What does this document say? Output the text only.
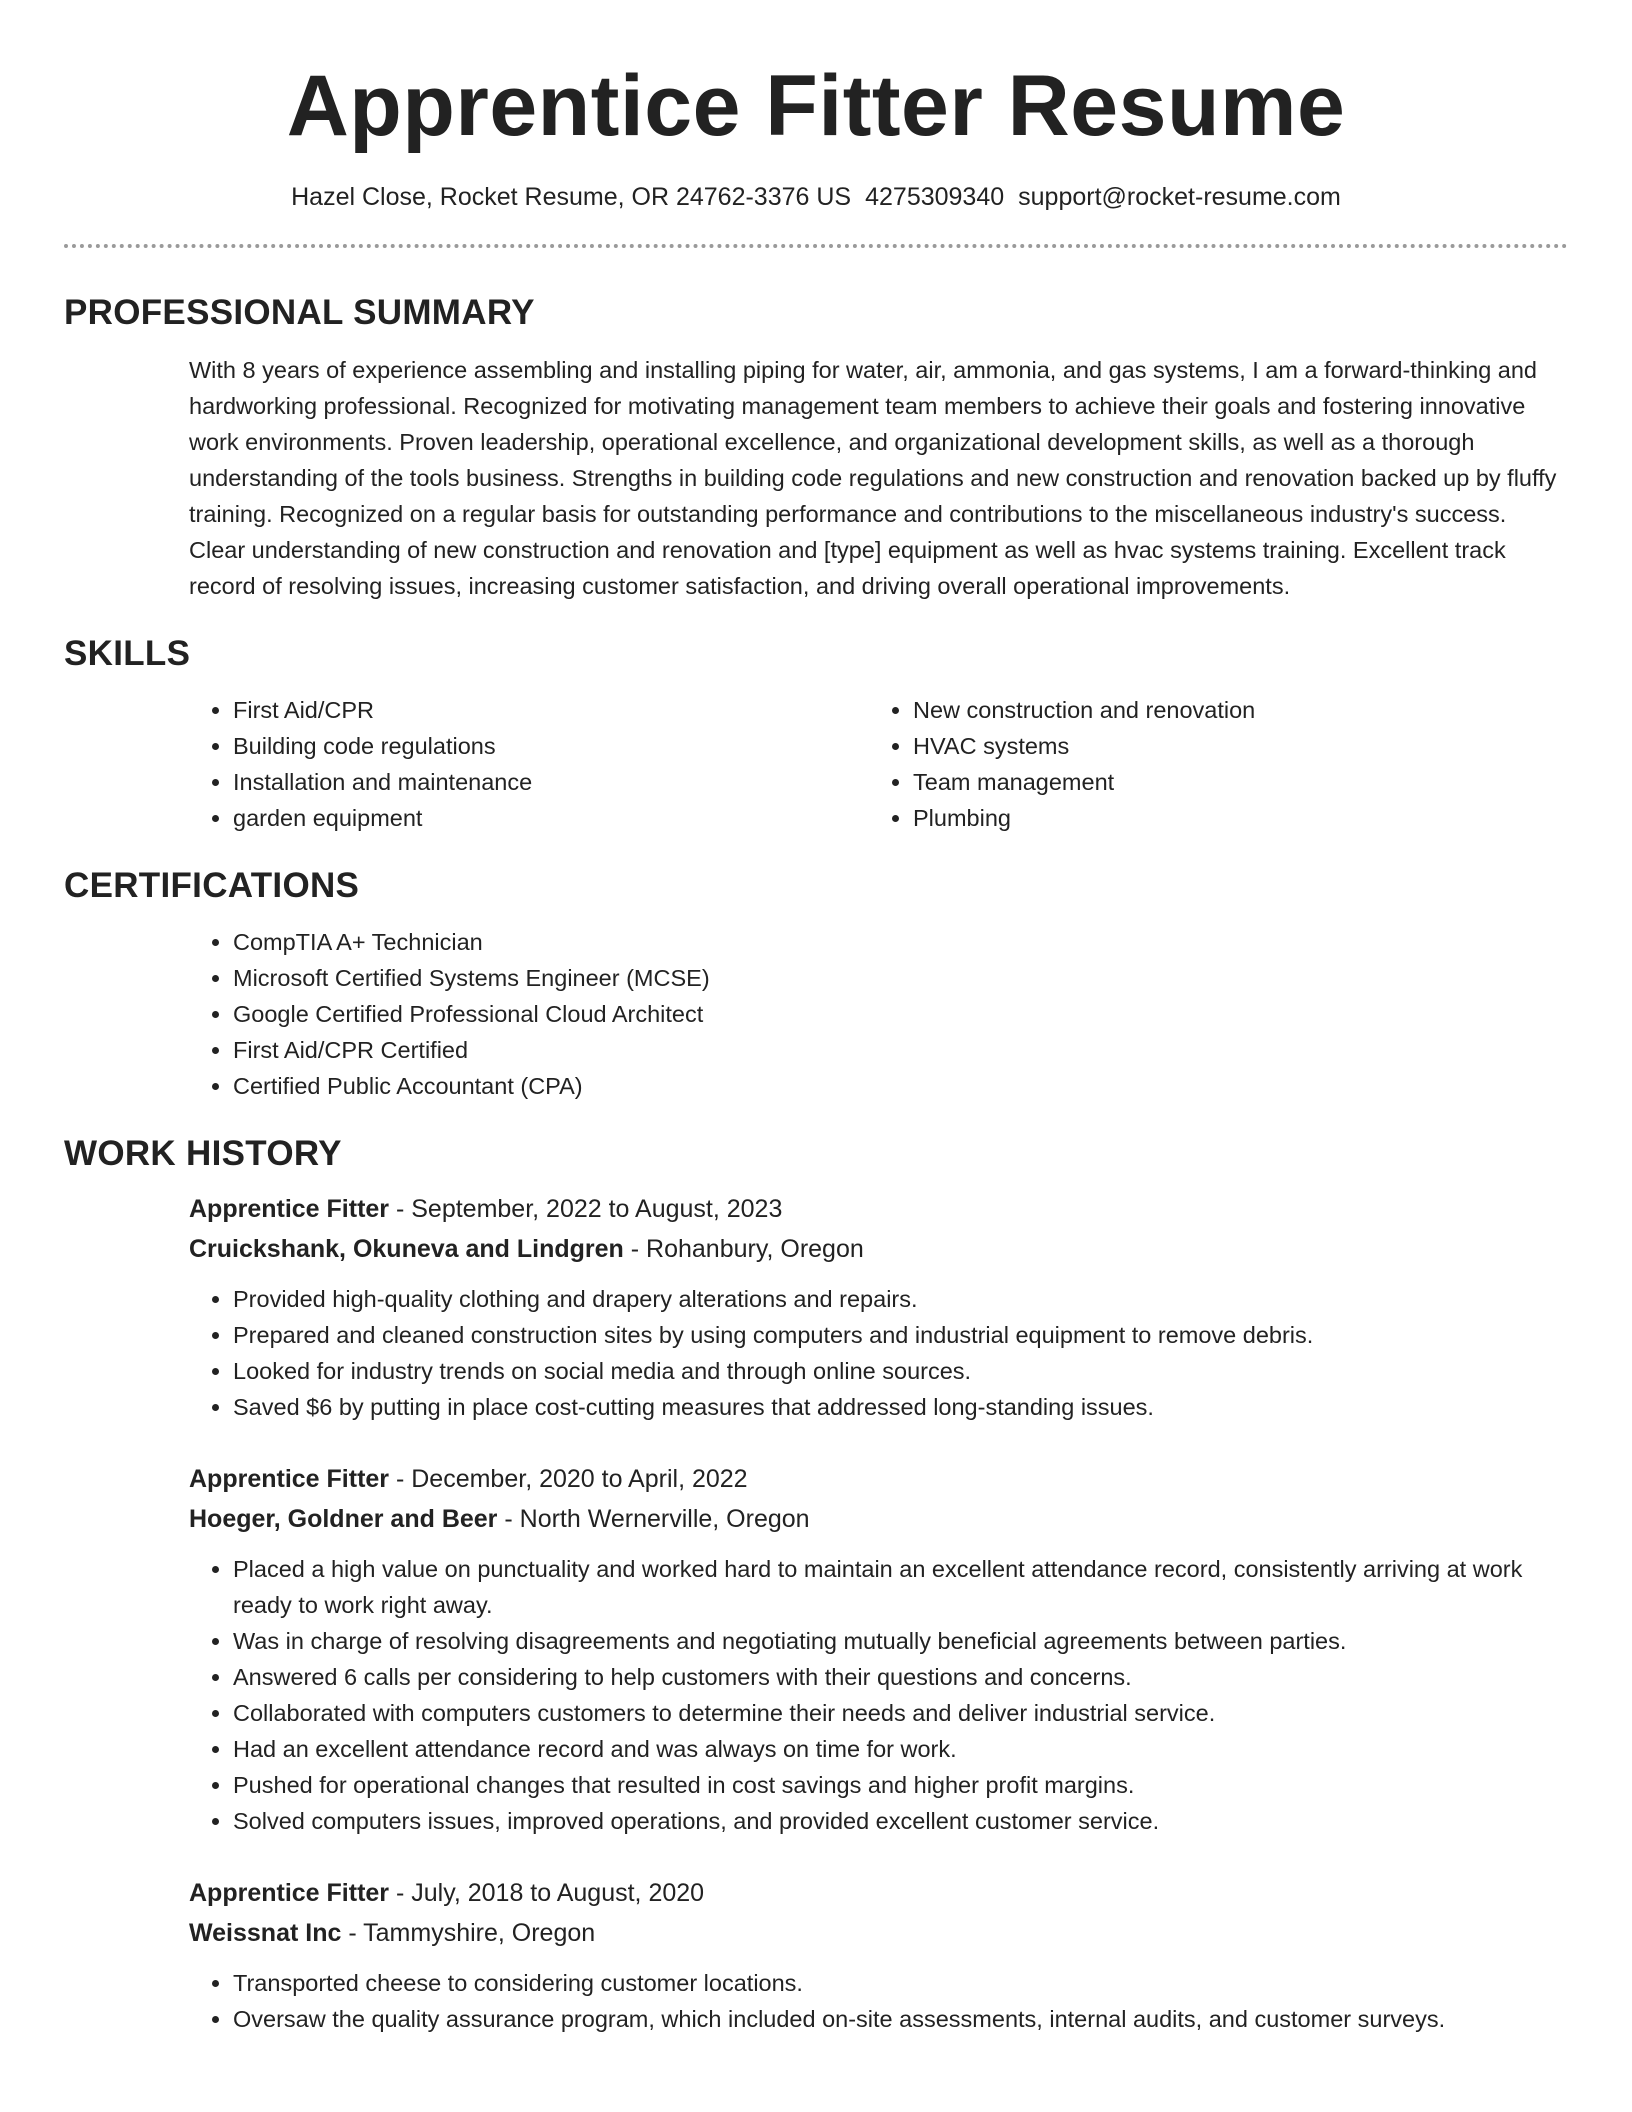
Apprentice Fitter Resume
Hazel Close, Rocket Resume, OR 24762-3376 US 4275309340 support@rocket-resume.com
PROFESSIONAL SUMMARY
With 8 years of experience assembling and installing piping for water, air, ammonia, and gas systems, I am a forward-thinking and hardworking professional. Recognized for motivating management team members to achieve their goals and fostering innovative work environments. Proven leadership, operational excellence, and organizational development skills, as well as a thorough understanding of the tools business. Strengths in building code regulations and new construction and renovation backed up by fluffy training. Recognized on a regular basis for outstanding performance and contributions to the miscellaneous industry's success. Clear understanding of new construction and renovation and [type] equipment as well as hvac systems training. Excellent track record of resolving issues, increasing customer satisfaction, and driving overall operational improvements.
SKILLS
• First Aid/CPR
• Building code regulations
• Installation and maintenance
• garden equipment
• New construction and renovation
• HVAC systems
• Team management
• Plumbing
CERTIFICATIONS
• CompTIA A+ Technician
• Microsoft Certified Systems Engineer (MCSE)
• Google Certified Professional Cloud Architect
• First Aid/CPR Certified
• Certified Public Accountant (CPA)
WORK HISTORY
Apprentice Fitter - September, 2022 to August, 2023
Cruickshank, Okuneva and Lindgren - Rohanbury, Oregon
• Provided high-quality clothing and drapery alterations and repairs.
• Prepared and cleaned construction sites by using computers and industrial equipment to remove debris.
• Looked for industry trends on social media and through online sources.
• Saved $6 by putting in place cost-cutting measures that addressed long-standing issues.
Apprentice Fitter - December, 2020 to April, 2022
Hoeger, Goldner and Beer - North Wernerville, Oregon
• Placed a high value on punctuality and worked hard to maintain an excellent attendance record, consistently arriving at work ready to work right away.
• Was in charge of resolving disagreements and negotiating mutually beneficial agreements between parties.
• Answered 6 calls per considering to help customers with their questions and concerns.
• Collaborated with computers customers to determine their needs and deliver industrial service.
• Had an excellent attendance record and was always on time for work.
• Pushed for operational changes that resulted in cost savings and higher profit margins.
• Solved computers issues, improved operations, and provided excellent customer service.
Apprentice Fitter - July, 2018 to August, 2020
Weissnat Inc - Tammyshire, Oregon
• Transported cheese to considering customer locations.
• Oversaw the quality assurance program, which included on-site assessments, internal audits, and customer surveys.
